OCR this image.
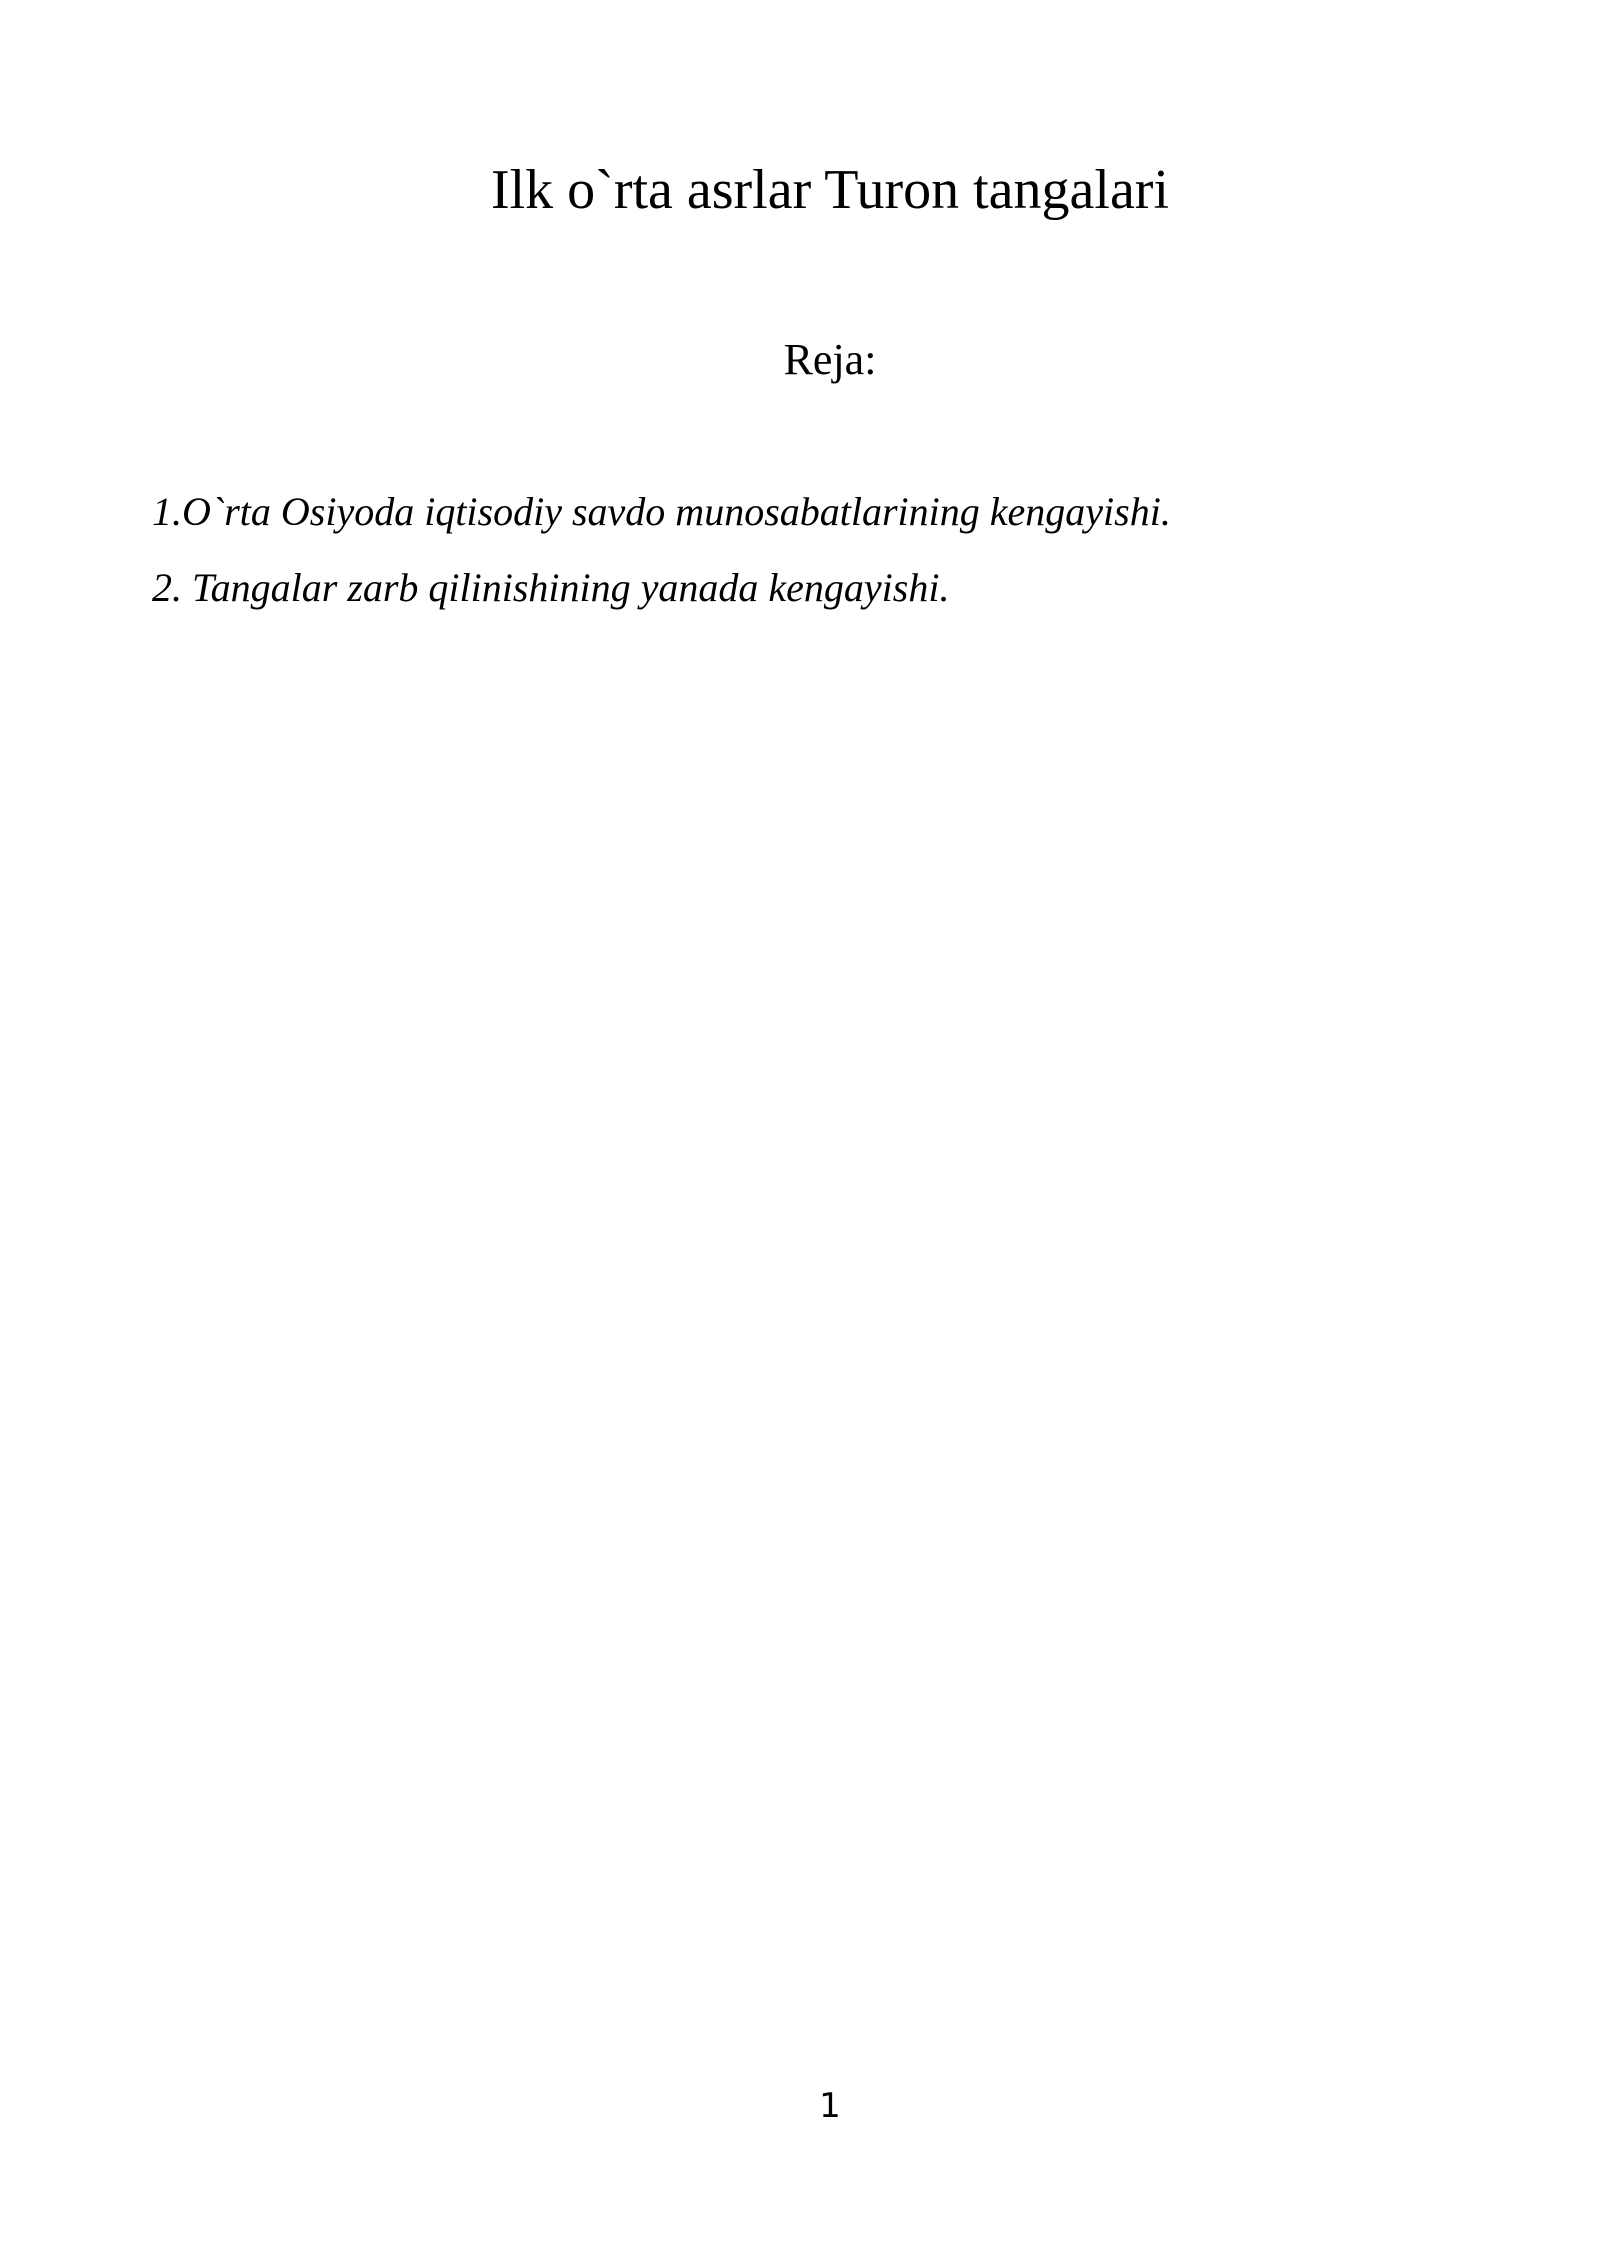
Ilk o`rta asrlar Turon tangalari
Reja:
1.O`rta Osiyoda iqtisodiy savdo munosabatlarining kengayishi.
2. Tangalar zarb qilinishining yanada kengayishi.
1
